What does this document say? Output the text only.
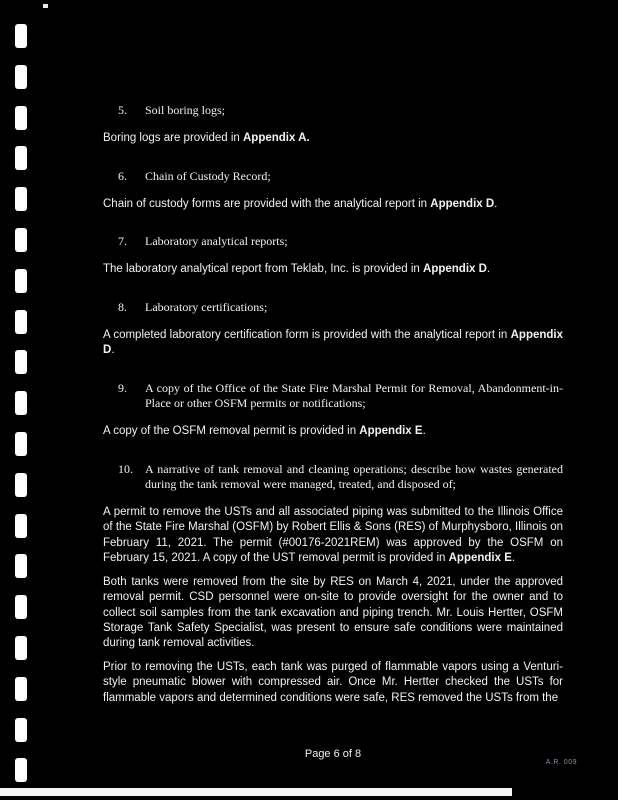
5.	Soil boring logs;
Boring logs are provided in Appendix A.
6.	Chain of Custody Record;
Chain of custody forms are provided with the analytical report in Appendix D.
7.	Laboratory analytical reports;
The laboratory analytical report from Teklab, Inc. is provided in Appendix D.
8.	Laboratory certifications;
A completed laboratory certification form is provided with the analytical report in Appendix D.
9.	A copy of the Office of the State Fire Marshal Permit for Removal, Abandonment-in-Place or other OSFM permits or notifications;
A copy of the OSFM removal permit is provided in Appendix E.
10.	A narrative of tank removal and cleaning operations; describe how wastes generated during the tank removal were managed, treated, and disposed of;
A permit to remove the USTs and all associated piping was submitted to the Illinois Office of the State Fire Marshal (OSFM) by Robert Ellis & Sons (RES) of Murphysboro, Illinois on February 11, 2021. The permit (#00176-2021REM) was approved by the OSFM on February 15, 2021. A copy of the UST removal permit is provided in Appendix E.
Both tanks were removed from the site by RES on March 4, 2021, under the approved removal permit. CSD personnel were on-site to provide oversight for the owner and to collect soil samples from the tank excavation and piping trench. Mr. Louis Hertter, OSFM Storage Tank Safety Specialist, was present to ensure safe conditions were maintained during tank removal activities.
Prior to removing the USTs, each tank was purged of flammable vapors using a Venturi-style pneumatic blower with compressed air. Once Mr. Hertter checked the USTs for flammable vapors and determined conditions were safe, RES removed the USTs from the
Page 6 of 8
A.R. 009
